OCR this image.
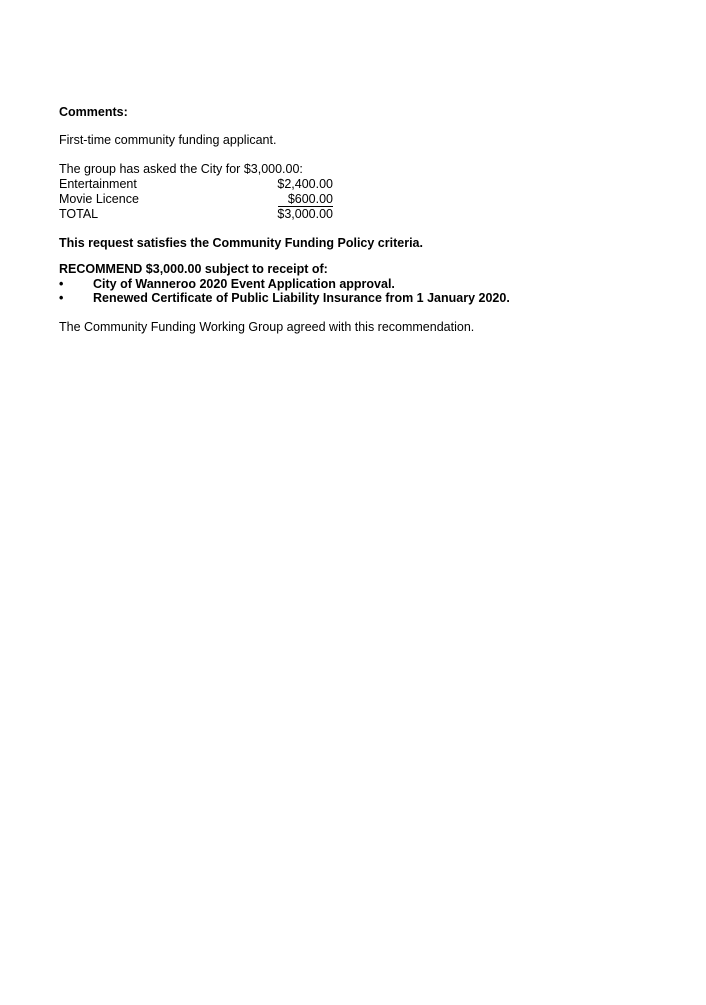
Comments:
First-time community funding applicant.
The group has asked the City for $3,000.00:
Entertainment	$2,400.00
Movie Licence	$600.00
TOTAL	$3,000.00
This request satisfies the Community Funding Policy criteria.
RECOMMEND $3,000.00 subject to receipt of:
• City of Wanneroo 2020 Event Application approval.
• Renewed Certificate of Public Liability Insurance from 1 January 2020.
The Community Funding Working Group agreed with this recommendation.
